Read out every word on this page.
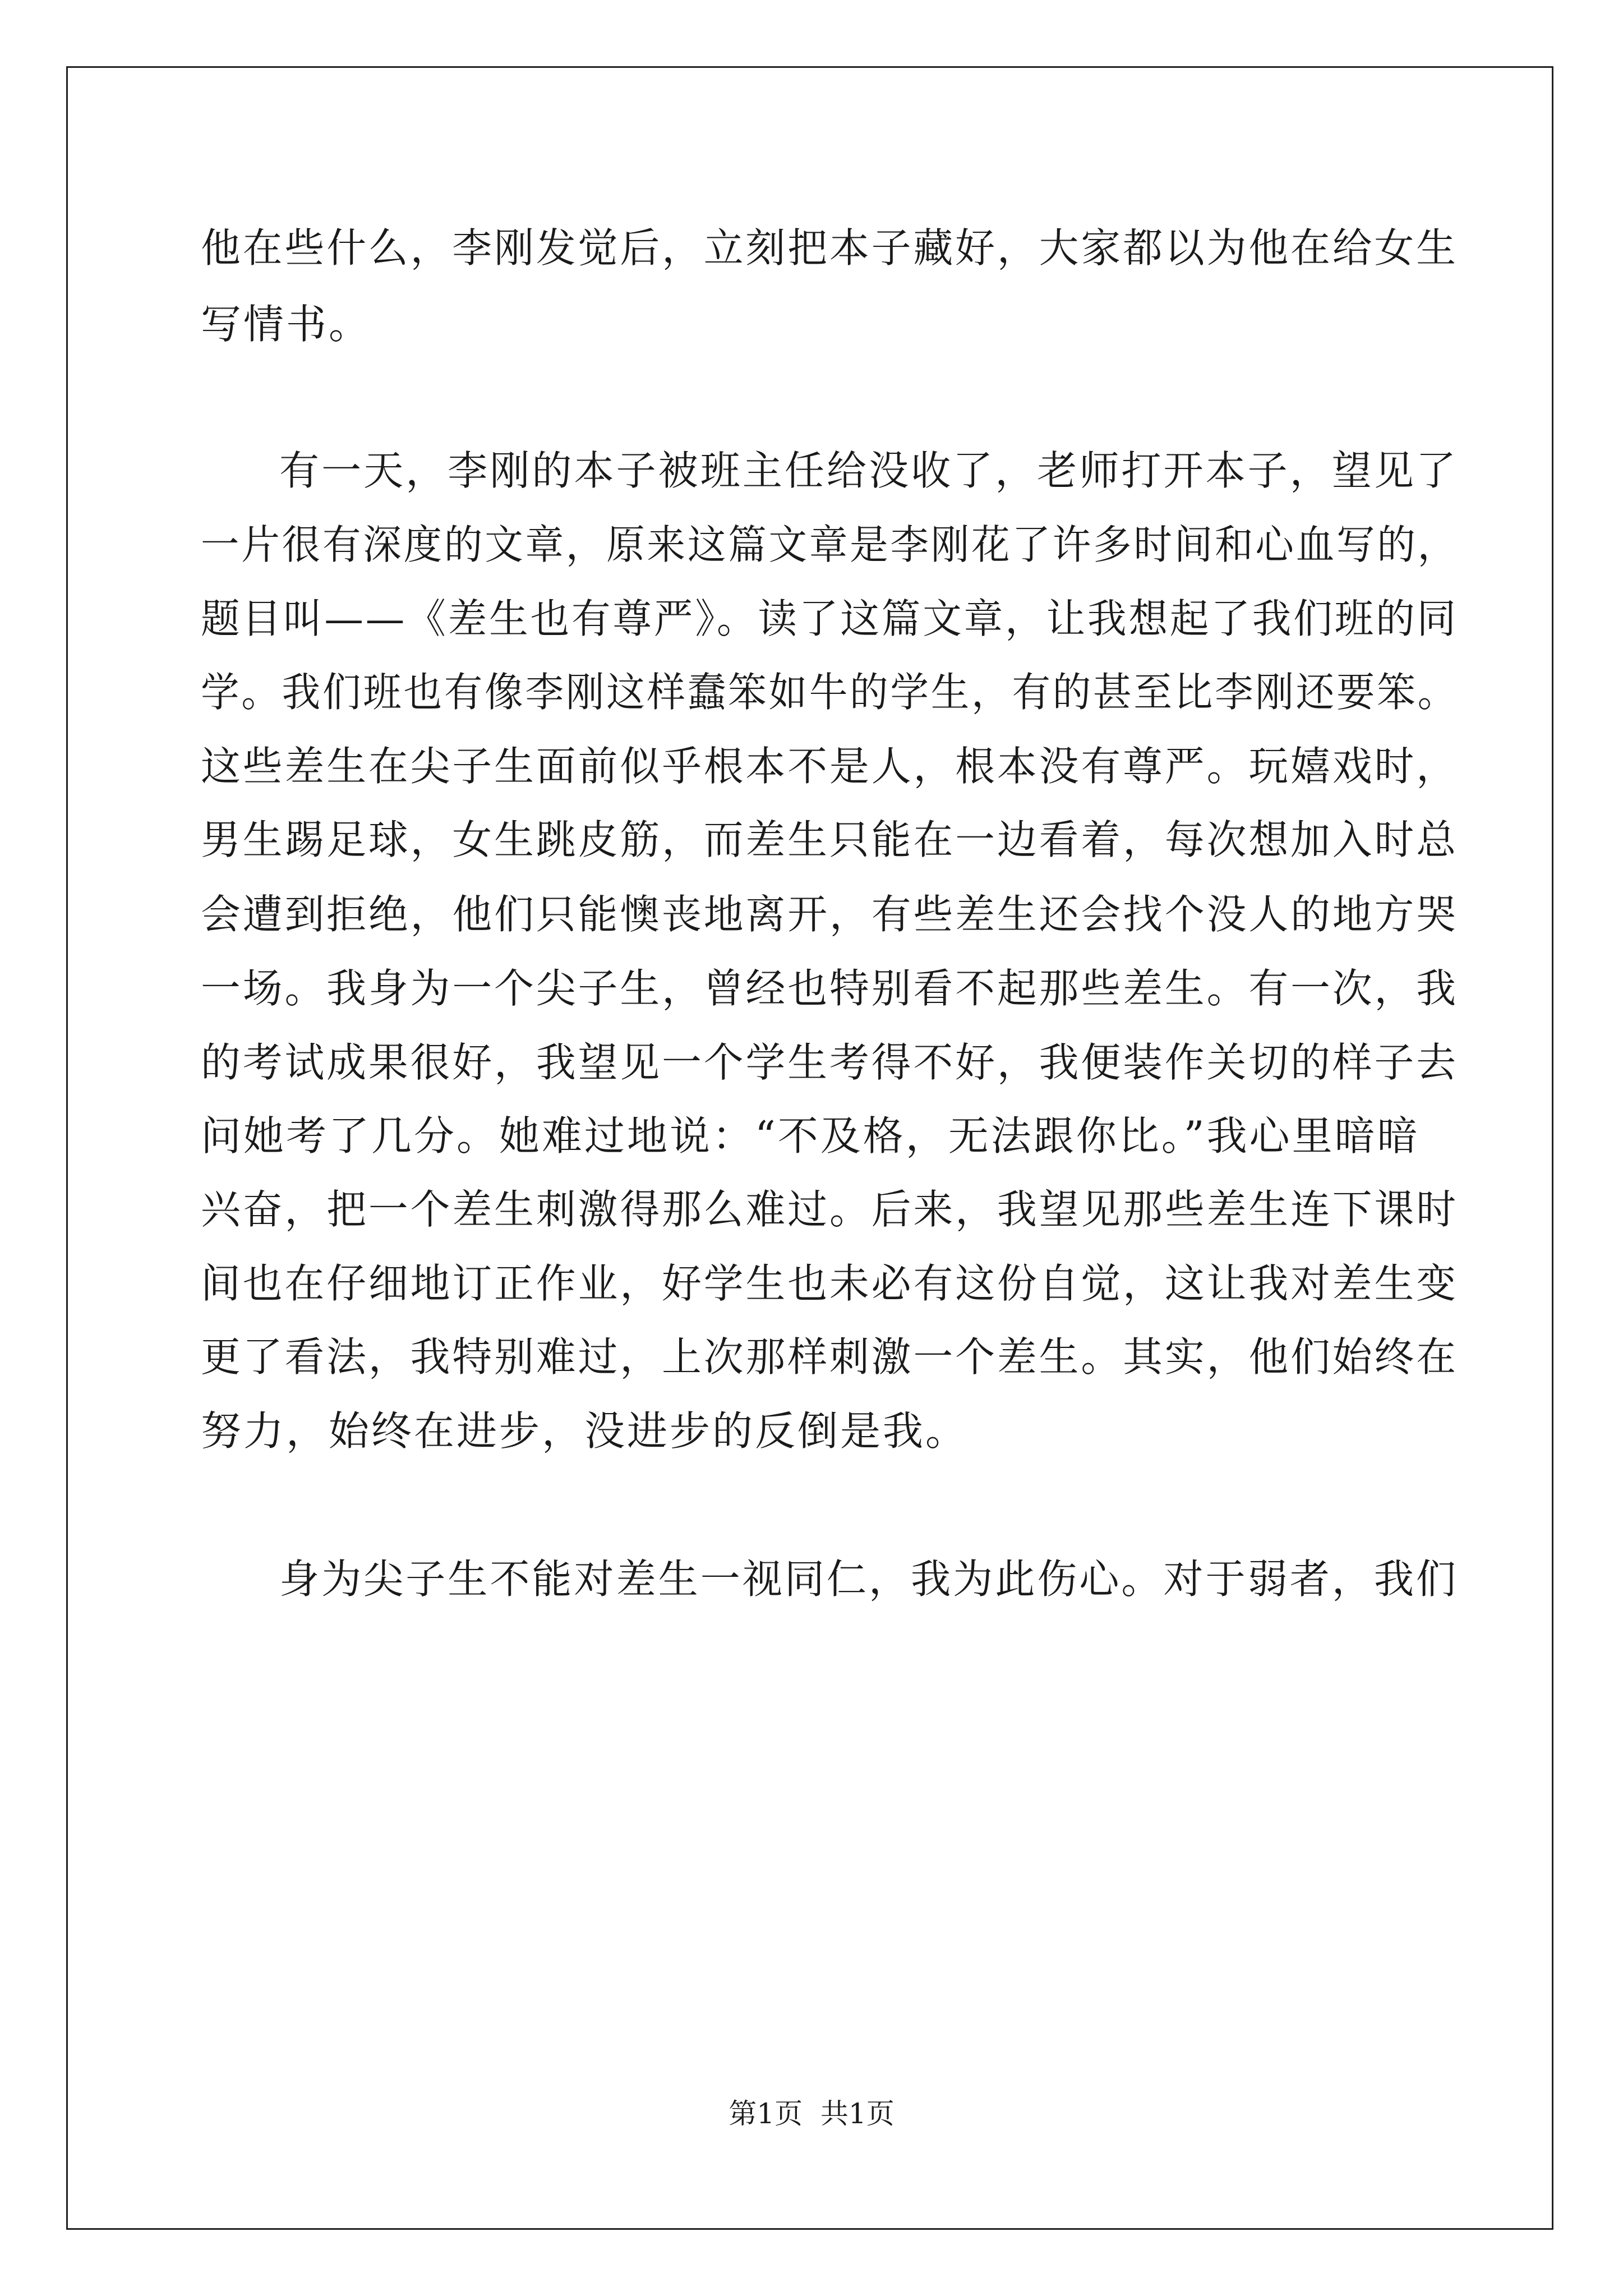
他在些什么，李刚发觉后，立刻把本子藏好，大家都以为他在给女生
写情书。
有一天，李刚的本子被班主任给没收了，老师打开本子，望见了
一片很有深度的文章，原来这篇文章是李刚花了许多时间和心血写的，
题目叫——《差生也有尊严》。读了这篇文章，让我想起了我们班的同
学。我们班也有像李刚这样蠢笨如牛的学生，有的甚至比李刚还要笨。
这些差生在尖子生面前似乎根本不是人，根本没有尊严。玩嬉戏时，
男生踢足球，女生跳皮筋，而差生只能在一边看着，每次想加入时总
会遭到拒绝，他们只能懊丧地离开，有些差生还会找个没人的地方哭
一场。我身为一个尖子生，曾经也特别看不起那些差生。有一次，我
的考试成果很好，我望见一个学生考得不好，我便装作关切的样子去
问她考了几分。她难过地说：“不及格，无法跟你比。”我心里暗暗
兴奋，把一个差生刺激得那么难过。后来，我望见那些差生连下课时
间也在仔细地订正作业，好学生也未必有这份自觉，这让我对差生变
更了看法，我特别难过，上次那样刺激一个差生。其实，他们始终在
努力，始终在进步，没进步的反倒是我。
身为尖子生不能对差生一视同仁，我为此伤心。对于弱者，我们
第1页  共1页
